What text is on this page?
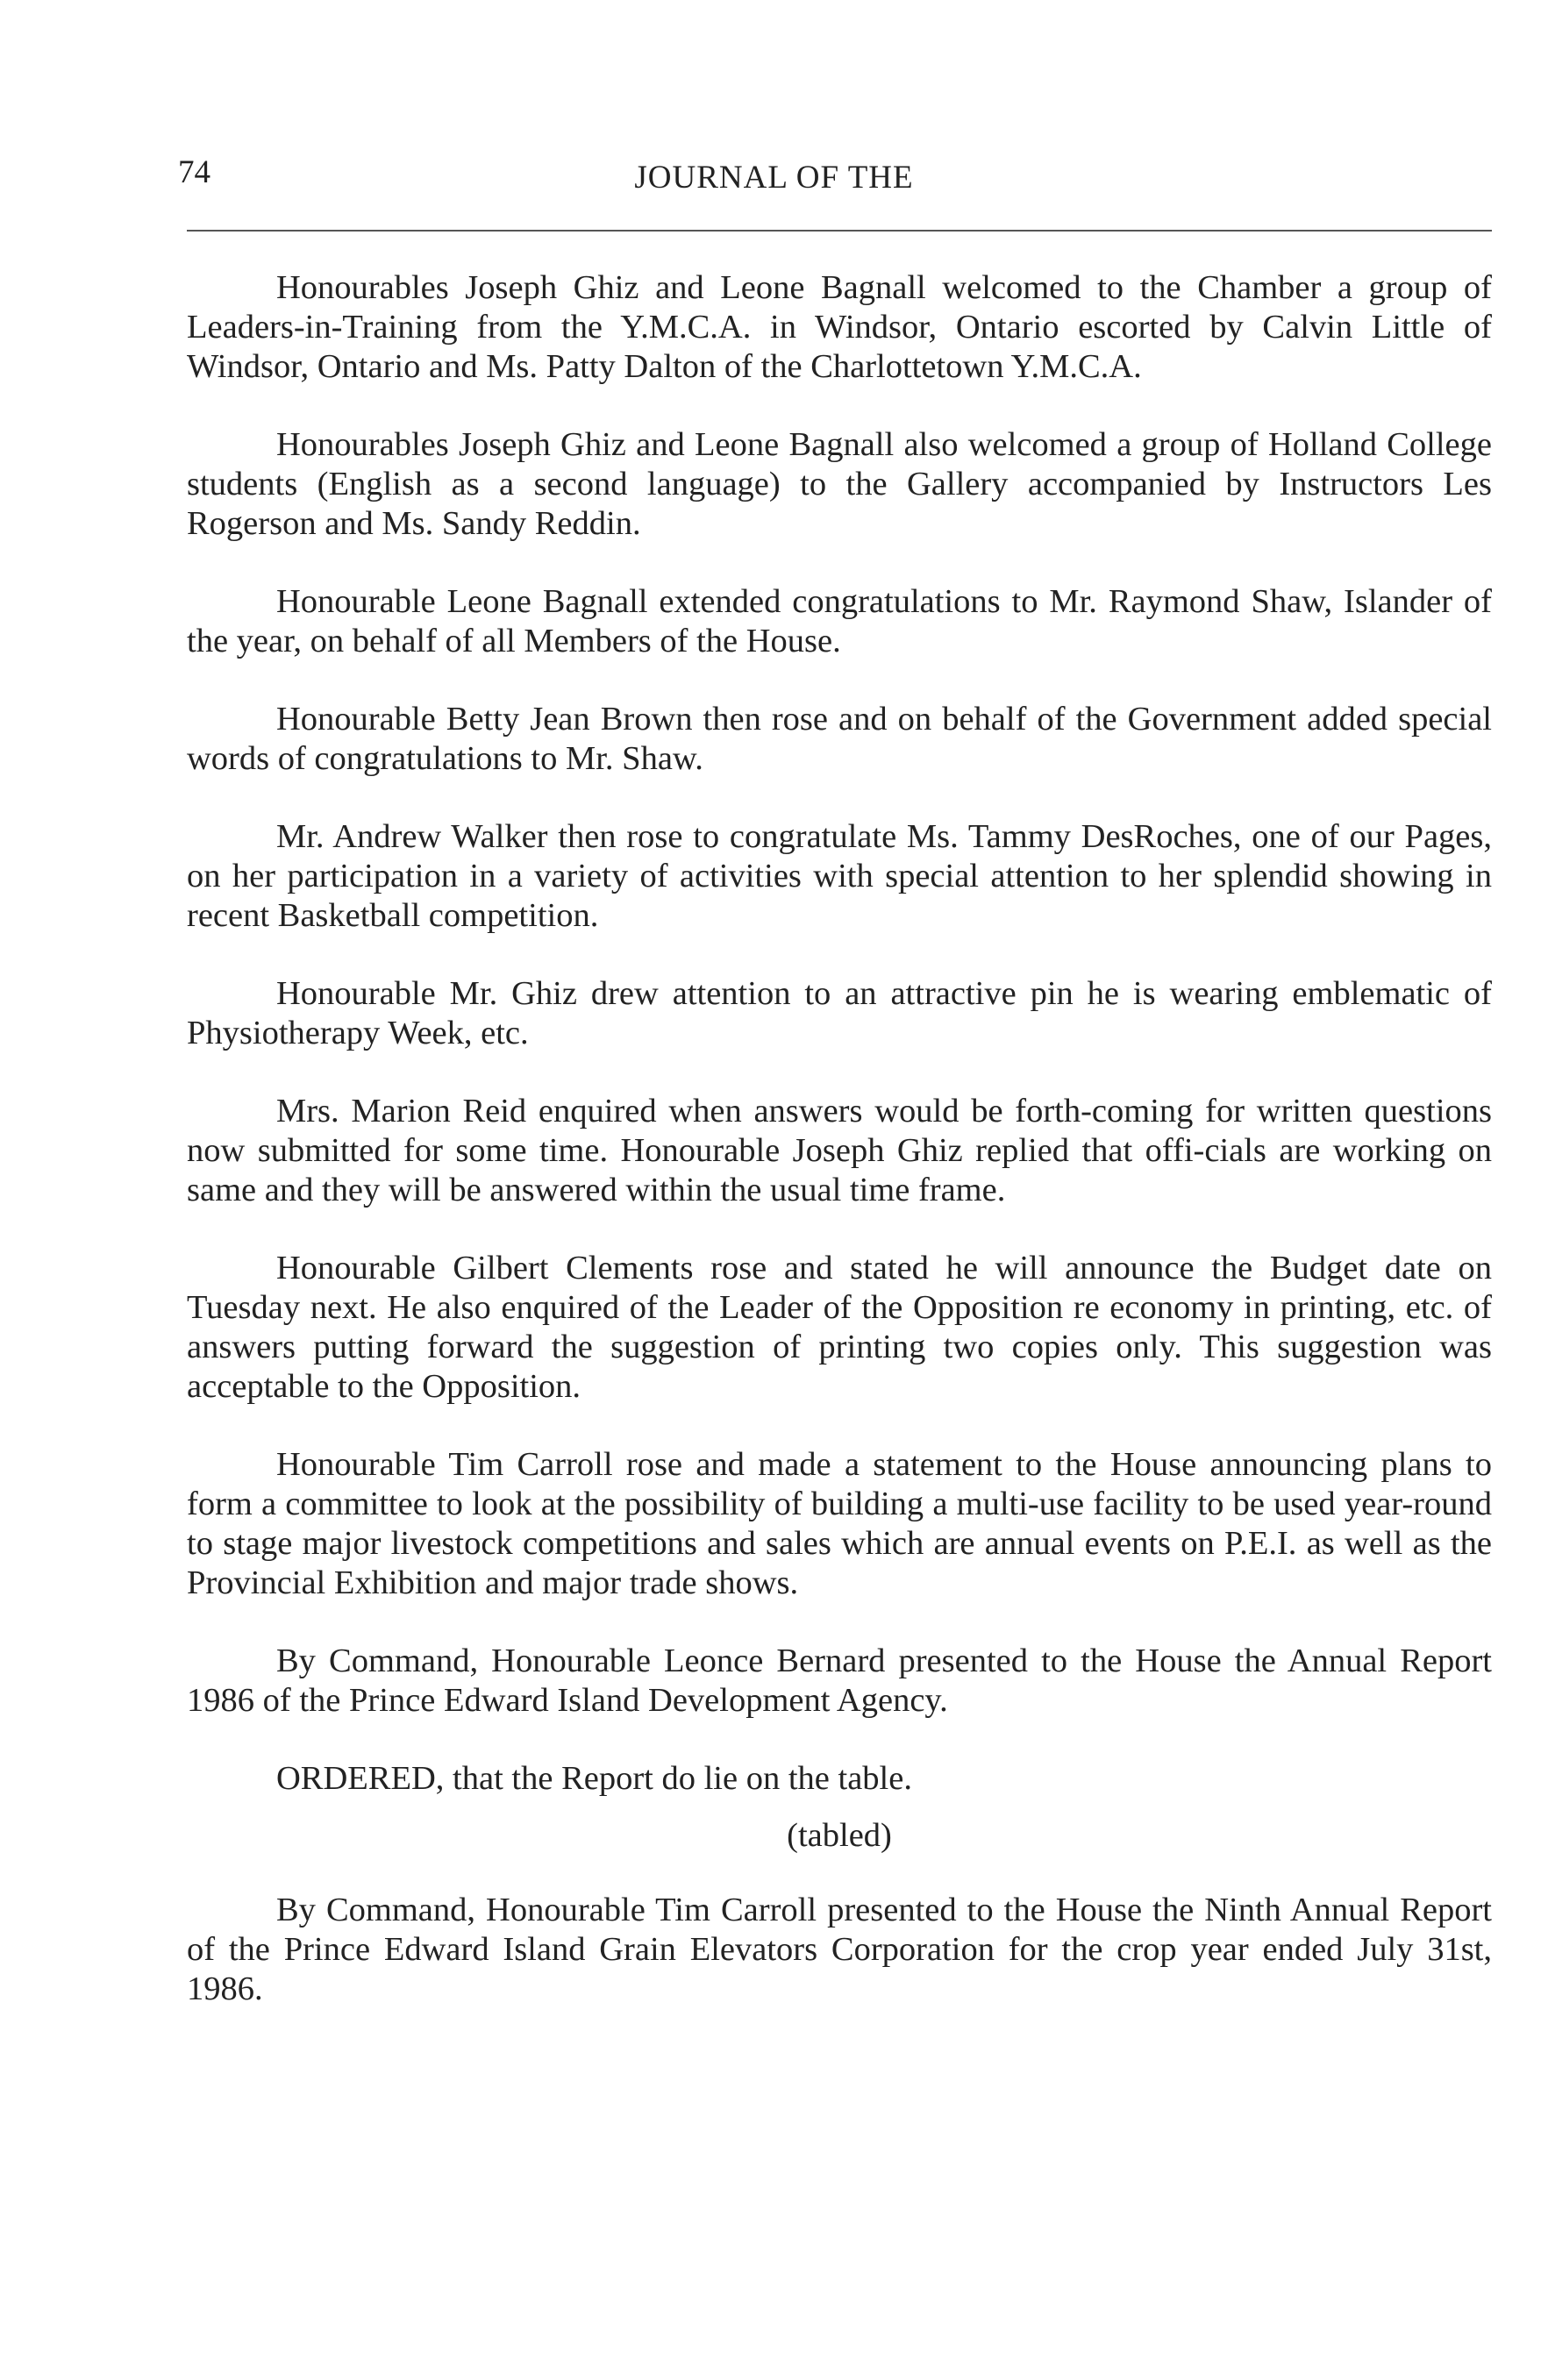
74	JOURNAL OF THE

Honourables Joseph Ghiz and Leone Bagnall welcomed to the Chamber a group of Leaders-in-Training from the Y.M.C.A. in Windsor, Ontario escorted by Calvin Little of Windsor, Ontario and Ms. Patty Dalton of the Charlottetown Y.M.C.A.

Honourables Joseph Ghiz and Leone Bagnall also welcomed a group of Holland College students (English as a second language) to the Gallery accompanied by Instructors Les Rogerson and Ms. Sandy Reddin.

Honourable Leone Bagnall extended congratulations to Mr. Raymond Shaw, Islander of the year, on behalf of all Members of the House.

Honourable Betty Jean Brown then rose and on behalf of the Government added special words of congratulations to Mr. Shaw.

Mr. Andrew Walker then rose to congratulate Ms. Tammy DesRoches, one of our Pages, on her participation in a variety of activities with special attention to her splendid showing in recent Basketball competition.

Honourable Mr. Ghiz drew attention to an attractive pin he is wearing emblematic of Physiotherapy Week, etc.

Mrs. Marion Reid enquired when answers would be forth-coming for written questions now submitted for some time. Honourable Joseph Ghiz replied that offi-cials are working on same and they will be answered within the usual time frame.

Honourable Gilbert Clements rose and stated he will announce the Budget date on Tuesday next. He also enquired of the Leader of the Opposition re economy in printing, etc. of answers putting forward the suggestion of printing two copies only. This suggestion was acceptable to the Opposition.

Honourable Tim Carroll rose and made a statement to the House announcing plans to form a committee to look at the possibility of building a multi-use facility to be used year-round to stage major livestock competitions and sales which are annual events on P.E.I. as well as the Provincial Exhibition and major trade shows.

By Command, Honourable Leonce Bernard presented to the House the Annual Report 1986 of the Prince Edward Island Development Agency.

ORDERED, that the Report do lie on the table.

(tabled)

By Command, Honourable Tim Carroll presented to the House the Ninth Annual Report of the Prince Edward Island Grain Elevators Corporation for the crop year ended July 31st, 1986.
